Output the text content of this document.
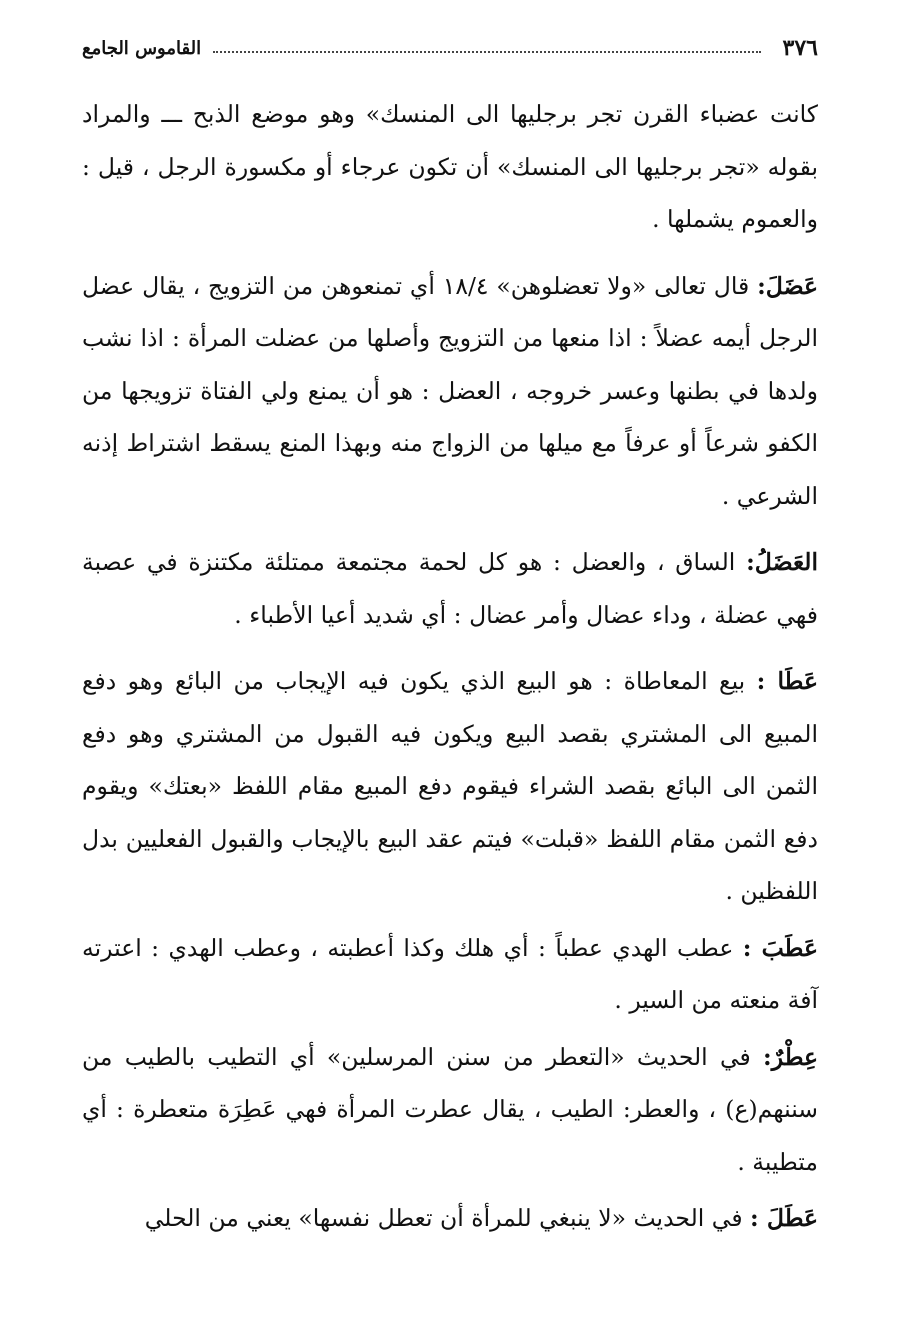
٣٧٦
القاموس الجامع

كانت عضباء القرن تجر برجليها الى المنسك» وهو موضع الذبح ـــ والمراد بقوله «تجر برجليها الى المنسك» أن تكون عرجاء أو مكسورة الرجل ، قيل : والعموم يشملها .

عَضَلَ: قال تعالى «ولا تعضلوهن» ١٨/٤ أي تمنعوهن من التزويج ، يقال عضل الرجل أيمه عضلاً : اذا منعها من التزويج وأصلها من عضلت المرأة : اذا نشب ولدها في بطنها وعسر خروجه ، العضل : هو أن يمنع ولي الفتاة تزويجها من الكفو شرعاً أو عرفاً مع ميلها من الزواج منه وبهذا المنع يسقط اشتراط إذنه الشرعي .

العَضَلُ: الساق ، والعضل : هو كل لحمة مجتمعة ممتلئة مكتنزة في عصبة فهي عضلة ، وداء عضال وأمر عضال : أي شديد أعيا الأطباء .

عَطَا : بيع المعاطاة : هو البيع الذي يكون فيه الإيجاب من البائع وهو دفع المبيع الى المشتري بقصد البيع ويكون فيه القبول من المشتري وهو دفع الثمن الى البائع بقصد الشراء فيقوم دفع المبيع مقام اللفظ «بعتك» ويقوم دفع الثمن مقام اللفظ «قبلت» فيتم عقد البيع بالإيجاب والقبول الفعليين بدل اللفظين .

عَطَبَ : عطب الهدي عطباً : أي هلك وكذا أعطبته ، وعطب الهدي : اعترته آفة منعته من السير .

عِطْرٌ: في الحديث «التعطر من سنن المرسلين» أي التطيب بالطيب من سننهم(ع) ، والعطر: الطيب ، يقال عطرت المرأة فهي عَطِرَة متعطرة : أي متطيبة .

عَطَلَ : في الحديث «لا ينبغي للمرأة أن تعطل نفسها» يعني من الحلي
